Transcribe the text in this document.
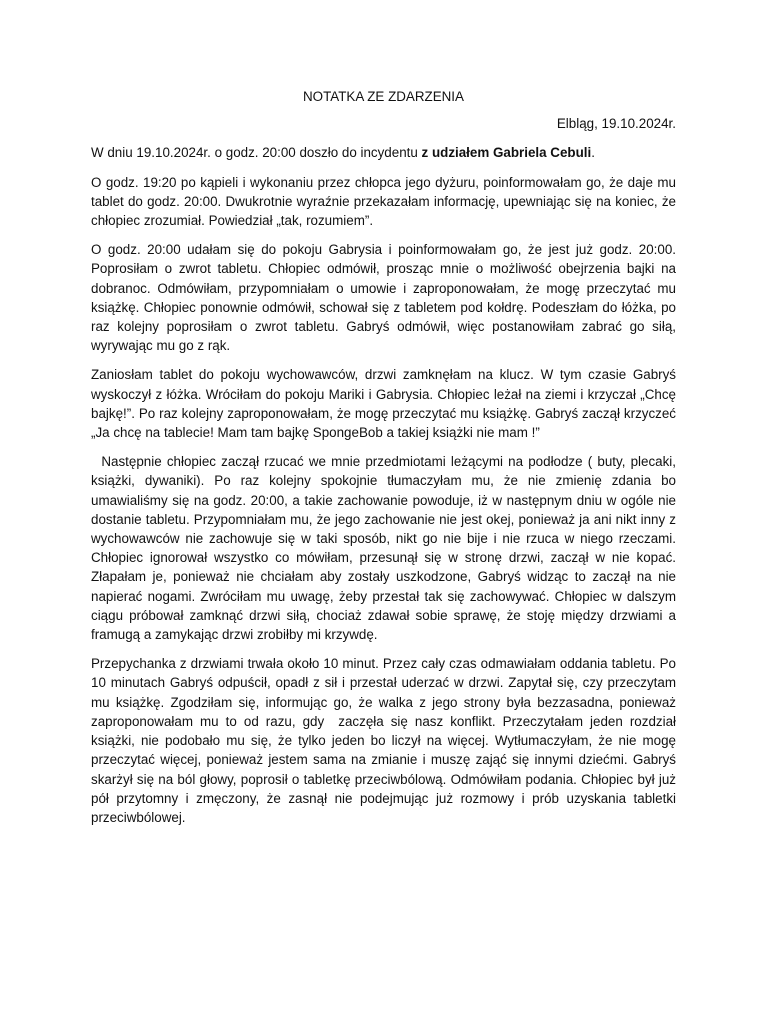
NOTATKA ZE ZDARZENIA

Elbląg, 19.10.2024r.

W dniu 19.10.2024r. o godz. 20:00 doszło do incydentu z udziałem Gabriela Cebuli.

O godz. 19:20 po kąpieli i wykonaniu przez chłopca jego dyżuru, poinformowałam go, że daje mu tablet do godz. 20:00. Dwukrotnie wyraźnie przekazałam informację, upewniając się na koniec, że chłopiec zrozumiał. Powiedział „tak, rozumiem”.

O godz. 20:00 udałam się do pokoju Gabrysia i poinformowałam go, że jest już godz. 20:00. Poprosiłam o zwrot tabletu. Chłopiec odmówił, prosząc mnie o możliwość obejrzenia bajki na dobranoc. Odmówiłam, przypomniałam o umowie i zaproponowałam, że mogę przeczytać mu książkę. Chłopiec ponownie odmówił, schował się z tabletem pod kołdrę. Podeszłam do łóżka, po raz kolejny poprosiłam o zwrot tabletu. Gabryś odmówił, więc postanowiłam zabrać go siłą, wyrywając mu go z rąk.

Zaniosłam tablet do pokoju wychowawców, drzwi zamknęłam na klucz. W tym czasie Gabryś wyskoczył z łóżka. Wróciłam do pokoju Mariki i Gabrysia. Chłopiec leżał na ziemi i krzyczał „Chcę bajkę!”. Po raz kolejny zaproponowałam, że mogę przeczytać mu książkę. Gabryś zaczął krzyczeć „Ja chcę na tablecie! Mam tam bajkę SpongeBob a takiej książki nie mam !”

Następnie chłopiec zaczął rzucać we mnie przedmiotami leżącymi na podłodze ( buty, plecaki, książki, dywaniki). Po raz kolejny spokojnie tłumaczyłam mu, że nie zmienię zdania bo umawialiśmy się na godz. 20:00, a takie zachowanie powoduje, iż w następnym dniu w ogóle nie dostanie tabletu. Przypomniałam mu, że jego zachowanie nie jest okej, ponieważ ja ani nikt inny z wychowawców nie zachowuje się w taki sposób, nikt go nie bije i nie rzuca w niego rzeczami. Chłopiec ignorował wszystko co mówiłam, przesunął się w stronę drzwi, zaczął w nie kopać. Złapałam je, ponieważ nie chciałam aby zostały uszkodzone, Gabryś widząc to zaczął na nie napierać nogami. Zwróciłam mu uwagę, żeby przestał tak się zachowywać. Chłopiec w dalszym ciągu próbował zamknąć drzwi siłą, chociaż zdawał sobie sprawę, że stoję między drzwiami a framugą a zamykając drzwi zrobiłby mi krzywdę.

Przepychanka z drzwiami trwała około 10 minut. Przez cały czas odmawiałam oddania tabletu. Po 10 minutach Gabryś odpuścił, opadł z sił i przestał uderzać w drzwi. Zapytał się, czy przeczytam mu książkę. Zgodziłam się, informując go, że walka z jego strony była bezzasadna, ponieważ zaproponowałam mu to od razu, gdy  zaczęła się nasz konflikt. Przeczytałam jeden rozdział książki, nie podobało mu się, że tylko jeden bo liczył na więcej. Wytłumaczyłam, że nie mogę przeczytać więcej, ponieważ jestem sama na zmianie i muszę zająć się innymi dziećmi. Gabryś skarżył się na ból głowy, poprosił o tabletkę przeciwbólową. Odmówiłam podania. Chłopiec był już pół przytomny i zmęczony, że zasnął nie podejmując już rozmowy i prób uzyskania tabletki przeciwbólowej.
